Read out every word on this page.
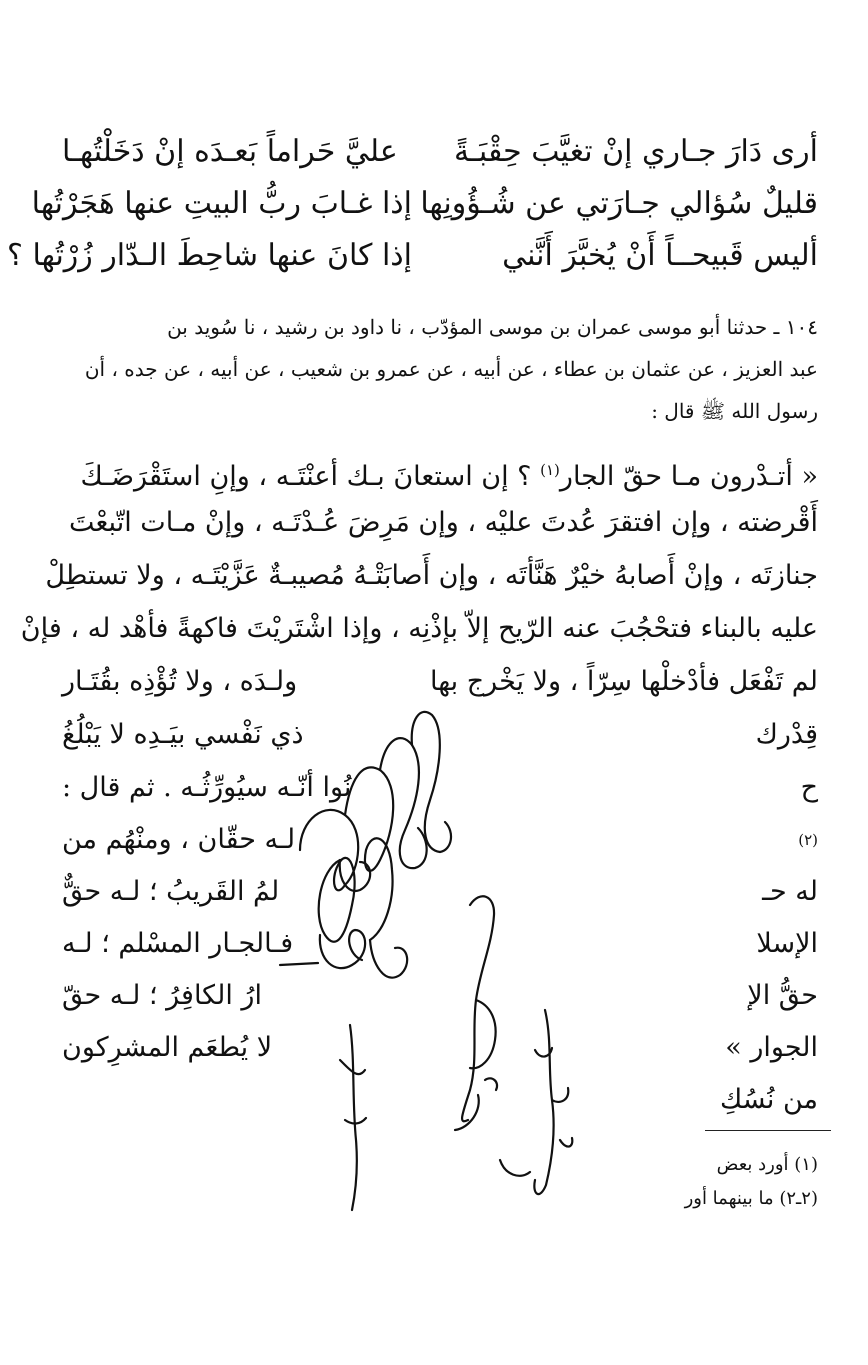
أرى دَارَ جـاري إنْ تغيَّبَ حِقْبَـةً
عليَّ حَراماً بَعـدَه إنْ دَخَلْتُهـا
قليلٌ سُؤالي جـارَتي عن شُـؤُونِها
إذا غـابَ ربُّ البيتِ عنها هَجَرْتُها
أليس قَبيحــاً أَنْ يُخبَّرَ أَنَّني
إذا كانَ عنها شاحِطَ الـدّار زُرْتُها ؟
١٠٤ ـ حدثنا أبو موسى عمران بن موسى المؤدّب ، نا داود بن رشيد ، نا سُويد بن
عبد العزيز ، عن عثمان بن عطاء ، عن أبيه ، عن عمرو بن شعيب ، عن أبيه ، عن جده ، أن
رسول الله ﷺ قال :
« أتـدْرون مـا حقّ الجار$^{(١)}$ ؟ إن استعانَ بـك أعنْتَـه ، وإنِ استَقْرَضَـكَ
أَقْرضته ، وإن افتقرَ عُدتَ عليْه ، وإن مَرِضَ عُـدْتَـه ، وإنْ مـات اتّبعْتَ
جنازتَه ، وإنْ أَصابهُ خيْرٌ هَنَّأتَه ، وإن أَصابَتْـهُ مُصيبـةٌ عَزَّيْتَـه ، ولا تستطِلْ
عليه بالبناء فتحْجُبَ عنه الرّيح إلاّ بإذْنِه ، وإذا اشْتَريْتَ فاكهةً فأهْد له ، فإنْ
لم تَفْعَل فأدْخلْها سِرّاً ، ولا يَخْرج بها
ولـدَه ، ولا تُؤْذِه بقُتَـار
قِدْرك
ح
$^{(٢)}$
له حـ
الإسلا
حقُّ الإ
الجوار »
من نُسُكِ
ذي نَفْسي بيَـدِه لا يَبْلُغُ
نُوا أنّـه سيُورِّثُـه . ثم قال :
لـه حقّان ، ومنْهُم من
لمُ القَريبُ ؛ لـه حقٌّ
فـالجـار المسْلم ؛ لـه
ارُ الكافِرُ ؛ لـه حقّ
لا يُطعَم المشرِكون
(١) أورد بعض
(٢ـ٢) ما بينهما أور
